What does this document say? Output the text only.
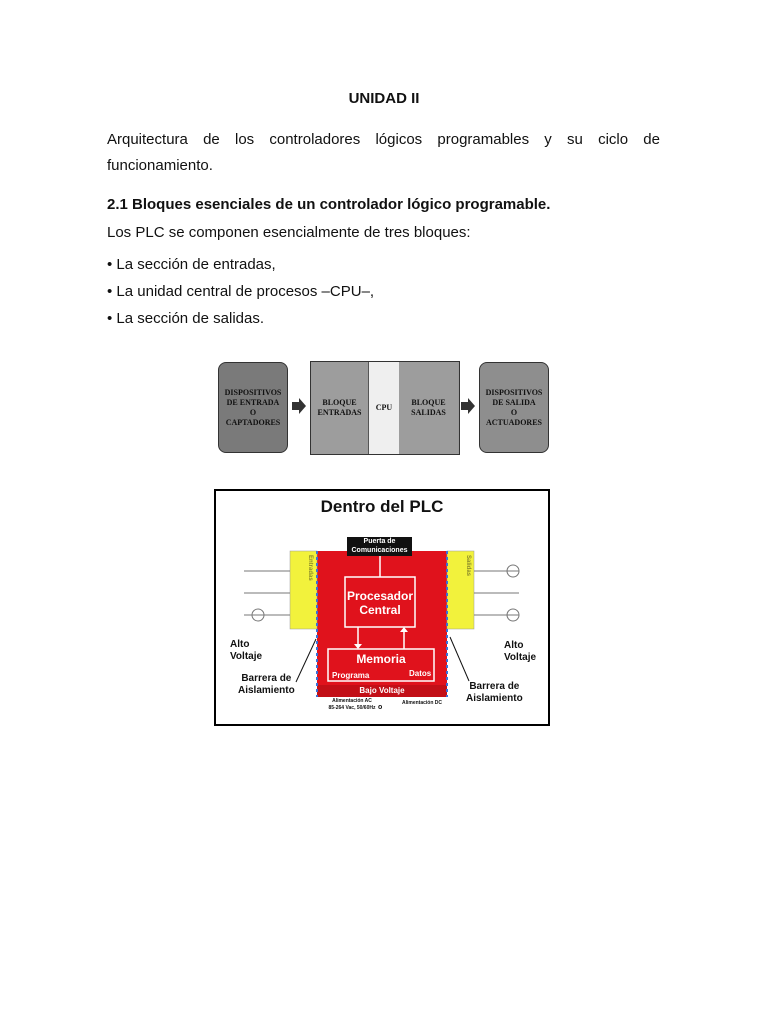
UNIDAD II
Arquitectura de los controladores lógicos programables y su ciclo de funcionamiento.
2.1 Bloques esenciales de un controlador lógico programable.
Los PLC se componen esencialmente de tres bloques:
• La sección de entradas,
• La unidad central de procesos –CPU–,
• La sección de salidas.
DISPOSITIVOS
DE ENTRADA
O
CAPTADORES
BLOQUE
ENTRADAS
CPU
BLOQUE
SALIDAS
DISPOSITIVOS
DE SALIDA
O
ACTUADORES
Dentro del PLC
Puerta de
Comunicaciones
Procesador
Central
Memoria
Programa	Datos
Bajo Voltaje
Entradas	Salidas
Alto
Voltaje
Alto
Voltaje
Barrera de
Aislamiento	Barrera de
Aislamiento
Alimentación AC
85-264 Vac, 50/60Hz o
Alimentación DC
